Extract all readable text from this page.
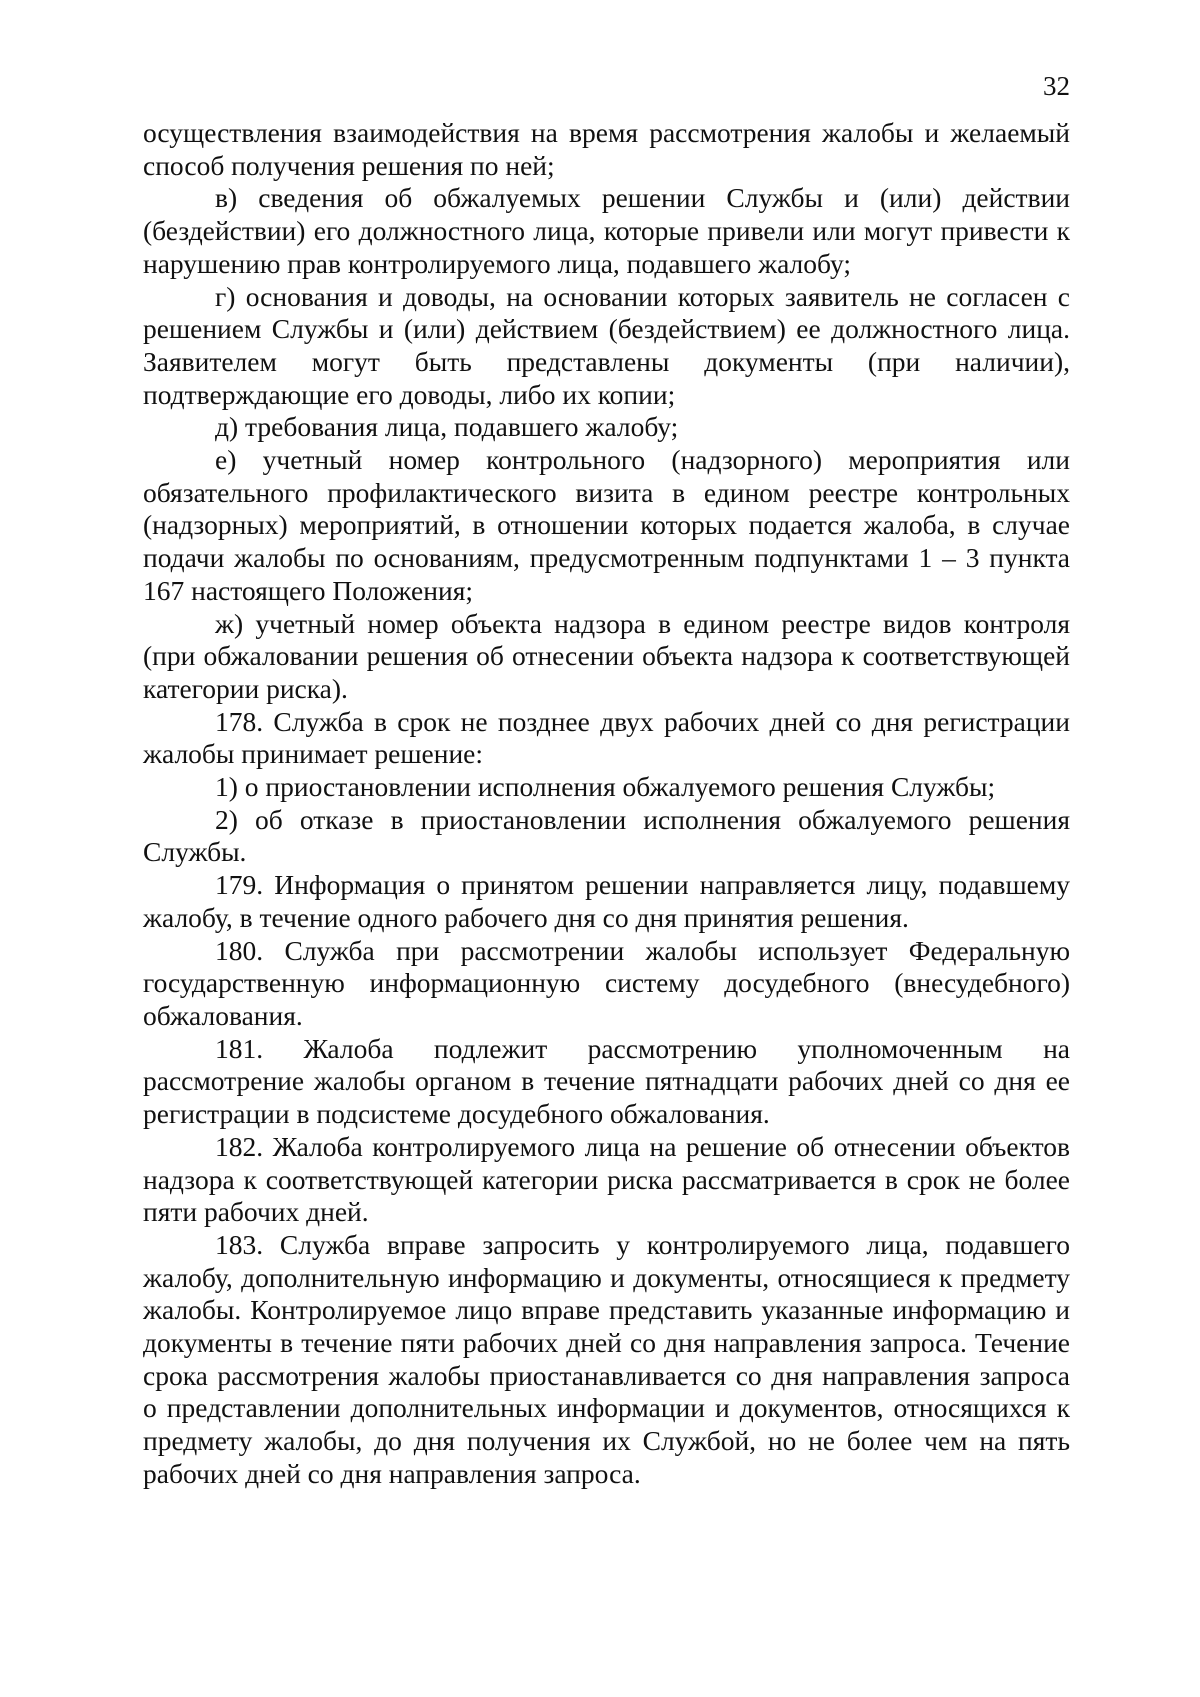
32

осуществления взаимодействия на время рассмотрения жалобы и желаемый способ получения решения по ней;

в) сведения об обжалуемых решении Службы и (или) действии (бездействии) его должностного лица, которые привели или могут привести к нарушению прав контролируемого лица, подавшего жалобу;

г) основания и доводы, на основании которых заявитель не согласен с решением Службы и (или) действием (бездействием) ее должностного лица. Заявителем могут быть представлены документы (при наличии), подтверждающие его доводы, либо их копии;

д) требования лица, подавшего жалобу;

е) учетный номер контрольного (надзорного) мероприятия или обязательного профилактического визита в едином реестре контрольных (надзорных) мероприятий, в отношении которых подается жалоба, в случае подачи жалобы по основаниям, предусмотренным подпунктами 1 – 3 пункта 167 настоящего Положения;

ж) учетный номер объекта надзора в едином реестре видов контроля (при обжаловании решения об отнесении объекта надзора к соответствующей категории риска).

178. Служба в срок не позднее двух рабочих дней со дня регистрации жалобы принимает решение:

1) о приостановлении исполнения обжалуемого решения Службы;

2) об отказе в приостановлении исполнения обжалуемого решения Службы.

179. Информация о принятом решении направляется лицу, подавшему жалобу, в течение одного рабочего дня со дня принятия решения.

180. Служба при рассмотрении жалобы использует Федеральную государственную информационную систему досудебного (внесудебного) обжалования.

181. Жалоба подлежит рассмотрению уполномоченным на рассмотрение жалобы органом в течение пятнадцати рабочих дней со дня ее регистрации в подсистеме досудебного обжалования.

182. Жалоба контролируемого лица на решение об отнесении объектов надзора к соответствующей категории риска рассматривается в срок не более пяти рабочих дней.

183. Служба вправе запросить у контролируемого лица, подавшего жалобу, дополнительную информацию и документы, относящиеся к предмету жалобы. Контролируемое лицо вправе представить указанные информацию и документы в течение пяти рабочих дней со дня направления запроса. Течение срока рассмотрения жалобы приостанавливается со дня направления запроса о представлении дополнительных информации и документов, относящихся к предмету жалобы, до дня получения их Службой, но не более чем на пять рабочих дней со дня направления запроса.
